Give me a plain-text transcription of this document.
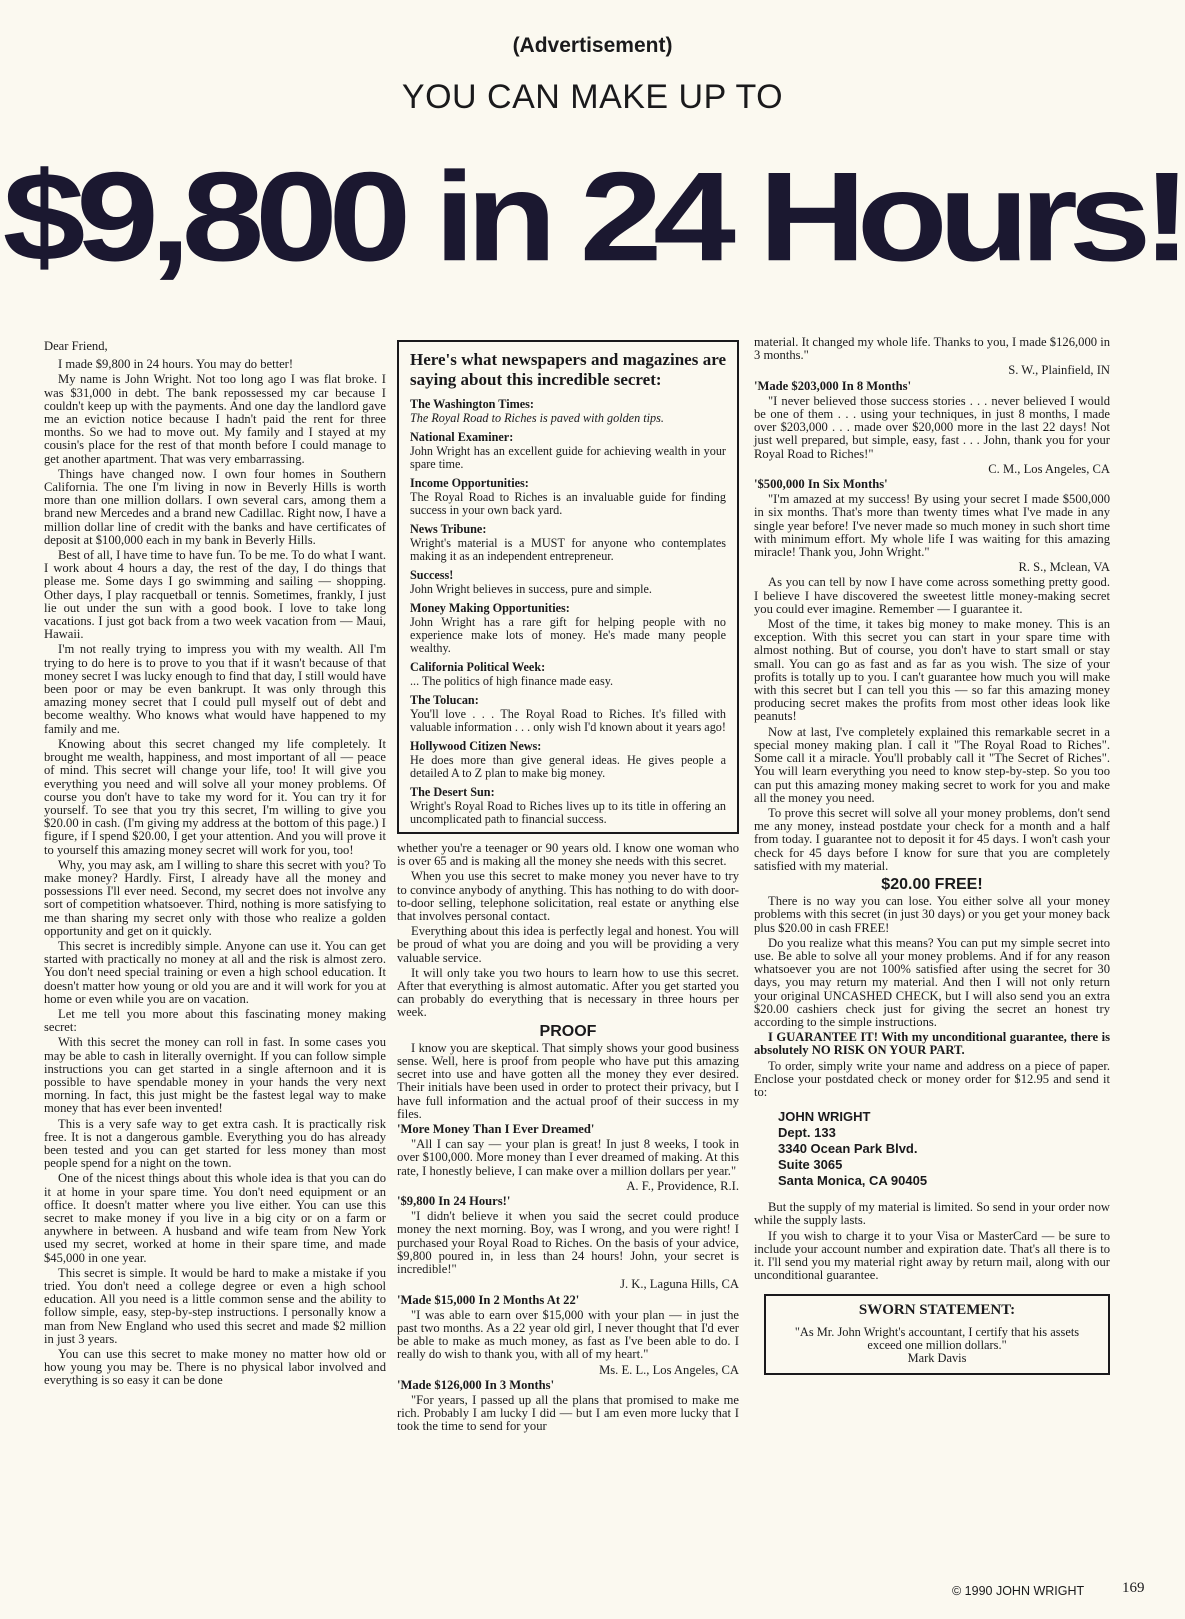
(Advertisement)
YOU CAN MAKE UP TO
$9,800 in 24 Hours!

Dear Friend,

I made $9,800 in 24 hours. You may do better!

My name is John Wright. Not too long ago I was flat broke. I was $31,000 in debt. The bank repossessed my car because I couldn't keep up with the payments. And one day the landlord gave me an eviction notice because I hadn't paid the rent for three months. So we had to move out. My family and I stayed at my cousin's place for the rest of that month before I could manage to get another apartment. That was very embarrassing.

Things have changed now. I own four homes in Southern California. The one I'm living in now in Beverly Hills is worth more than one million dollars. I own several cars, among them a brand new Mercedes and a brand new Cadillac. Right now, I have a million dollar line of credit with the banks and have certificates of deposit at $100,000 each in my bank in Beverly Hills.

Best of all, I have time to have fun. To be me. To do what I want. I work about 4 hours a day, the rest of the day, I do things that please me. Some days I go swimming and sailing — shopping. Other days, I play racquetball or tennis. Sometimes, frankly, I just lie out under the sun with a good book. I love to take long vacations. I just got back from a two week vacation from — Maui, Hawaii.

I'm not really trying to impress you with my wealth. All I'm trying to do here is to prove to you that if it wasn't because of that money secret I was lucky enough to find that day, I still would have been poor or may be even bankrupt. It was only through this amazing money secret that I could pull myself out of debt and become wealthy. Who knows what would have happened to my family and me.

Knowing about this secret changed my life completely. It brought me wealth, happiness, and most important of all — peace of mind. This secret will change your life, too! It will give you everything you need and will solve all your money problems. Of course you don't have to take my word for it. You can try it for yourself. To see that you try this secret, I'm willing to give you $20.00 in cash. (I'm giving my address at the bottom of this page.) I figure, if I spend $20.00, I get your attention. And you will prove it to yourself this amazing money secret will work for you, too!

Why, you may ask, am I willing to share this secret with you? To make money? Hardly. First, I already have all the money and possessions I'll ever need. Second, my secret does not involve any sort of competition whatsoever. Third, nothing is more satisfying to me than sharing my secret only with those who realize a golden opportunity and get on it quickly.

This secret is incredibly simple. Anyone can use it. You can get started with practically no money at all and the risk is almost zero. You don't need special training or even a high school education. It doesn't matter how young or old you are and it will work for you at home or even while you are on vacation.

Let me tell you more about this fascinating money making secret:

With this secret the money can roll in fast. In some cases you may be able to cash in literally overnight. If you can follow simple instructions you can get started in a single afternoon and it is possible to have spendable money in your hands the very next morning. In fact, this just might be the fastest legal way to make money that has ever been invented!

This is a very safe way to get extra cash. It is practically risk free. It is not a dangerous gamble. Everything you do has already been tested and you can get started for less money than most people spend for a night on the town.

One of the nicest things about this whole idea is that you can do it at home in your spare time. You don't need equipment or an office. It doesn't matter where you live either. You can use this secret to make money if you live in a big city or on a farm or anywhere in between. A husband and wife team from New York used my secret, worked at home in their spare time, and made $45,000 in one year.

This secret is simple. It would be hard to make a mistake if you tried. You don't need a college degree or even a high school education. All you need is a little common sense and the ability to follow simple, easy, step-by-step instructions. I personally know a man from New England who used this secret and made $2 million in just 3 years.

You can use this secret to make money no matter how old or how young you may be. There is no physical labor involved and everything is so easy it can be done

Here's what newspapers and magazines are saying about this incredible secret:
The Washington Times:
The Royal Road to Riches is paved with golden tips.
National Examiner:
John Wright has an excellent guide for achieving wealth in your spare time.
Income Opportunities:
The Royal Road to Riches is an invaluable guide for finding success in your own back yard.
News Tribune:
Wright's material is a MUST for anyone who contemplates making it as an independent entrepreneur.
Success!
John Wright believes in success, pure and simple.
Money Making Opportunities:
John Wright has a rare gift for helping people with no experience make lots of money. He's made many people wealthy.
California Political Week:
... The politics of high finance made easy.
The Tolucan:
You'll love . . . The Royal Road to Riches. It's filled with valuable information . . . only wish I'd known about it years ago!
Hollywood Citizen News:
He does more than give general ideas. He gives people a detailed A to Z plan to make big money.
The Desert Sun:
Wright's Royal Road to Riches lives up to its title in offering an uncomplicated path to financial success.

whether you're a teenager or 90 years old. I know one woman who is over 65 and is making all the money she needs with this secret.

When you use this secret to make money you never have to try to convince anybody of anything. This has nothing to do with door-to-door selling, telephone solicitation, real estate or anything else that involves personal contact.

Everything about this idea is perfectly legal and honest. You will be proud of what you are doing and you will be providing a very valuable service.

It will only take you two hours to learn how to use this secret. After that everything is almost automatic. After you get started you can probably do everything that is necessary in three hours per week.

PROOF

I know you are skeptical. That simply shows your good business sense. Well, here is proof from people who have put this amazing secret into use and have gotten all the money they ever desired. Their initials have been used in order to protect their privacy, but I have full information and the actual proof of their success in my files.

'More Money Than I Ever Dreamed'

"All I can say — your plan is great! In just 8 weeks, I took in over $100,000. More money than I ever dreamed of making. At this rate, I honestly believe, I can make over a million dollars per year."

A. F., Providence, R.I.

'$9,800 In 24 Hours!'

"I didn't believe it when you said the secret could produce money the next morning. Boy, was I wrong, and you were right! I purchased your Royal Road to Riches. On the basis of your advice, $9,800 poured in, in less than 24 hours! John, your secret is incredible!"

J. K., Laguna Hills, CA

'Made $15,000 In 2 Months At 22'

"I was able to earn over $15,000 with your plan — in just the past two months. As a 22 year old girl, I never thought that I'd ever be able to make as much money, as fast as I've been able to do. I really do wish to thank you, with all of my heart."

Ms. E. L., Los Angeles, CA

'Made $126,000 In 3 Months'

"For years, I passed up all the plans that promised to make me rich. Probably I am lucky I did — but I am even more lucky that I took the time to send for your

material. It changed my whole life. Thanks to you, I made $126,000 in 3 months."

S. W., Plainfield, IN

'Made $203,000 In 8 Months'

"I never believed those success stories . . . never believed I would be one of them . . . using your techniques, in just 8 months, I made over $203,000 . . . made over $20,000 more in the last 22 days! Not just well prepared, but simple, easy, fast . . . John, thank you for your Royal Road to Riches!"

C. M., Los Angeles, CA

'$500,000 In Six Months'

"I'm amazed at my success! By using your secret I made $500,000 in six months. That's more than twenty times what I've made in any single year before! I've never made so much money in such short time with minimum effort. My whole life I was waiting for this amazing miracle! Thank you, John Wright."

R. S., Mclean, VA

As you can tell by now I have come across something pretty good. I believe I have discovered the sweetest little money-making secret you could ever imagine. Remember — I guarantee it.

Most of the time, it takes big money to make money. This is an exception. With this secret you can start in your spare time with almost nothing. But of course, you don't have to start small or stay small. You can go as fast and as far as you wish. The size of your profits is totally up to you. I can't guarantee how much you will make with this secret but I can tell you this — so far this amazing money producing secret makes the profits from most other ideas look like peanuts!

Now at last, I've completely explained this remarkable secret in a special money making plan. I call it "The Royal Road to Riches". Some call it a miracle. You'll probably call it "The Secret of Riches". You will learn everything you need to know step-by-step. So you too can put this amazing money making secret to work for you and make all the money you need.

To prove this secret will solve all your money problems, don't send me any money, instead postdate your check for a month and a half from today. I guarantee not to deposit it for 45 days. I won't cash your check for 45 days before I know for sure that you are completely satisfied with my material.

$20.00 FREE!

There is no way you can lose. You either solve all your money problems with this secret (in just 30 days) or you get your money back plus $20.00 in cash FREE!

Do you realize what this means? You can put my simple secret into use. Be able to solve all your money problems. And if for any reason whatsoever you are not 100% satisfied after using the secret for 30 days, you may return my material. And then I will not only return your original UNCASHED CHECK, but I will also send you an extra $20.00 cashiers check just for giving the secret an honest try according to the simple instructions.

I GUARANTEE IT! With my unconditional guarantee, there is absolutely NO RISK ON YOUR PART.

To order, simply write your name and address on a piece of paper. Enclose your postdated check or money order for $12.95 and send it to:

JOHN WRIGHT
Dept. 133
3340 Ocean Park Blvd.
Suite 3065
Santa Monica, CA 90405

But the supply of my material is limited. So send in your order now while the supply lasts.

If you wish to charge it to your Visa or MasterCard — be sure to include your account number and expiration date. That's all there is to it. I'll send you my material right away by return mail, along with our unconditional guarantee.

SWORN STATEMENT:
"As Mr. John Wright's accountant, I certify that his assets exceed one million dollars."
Mark Davis
© 1990 JOHN WRIGHT	169
